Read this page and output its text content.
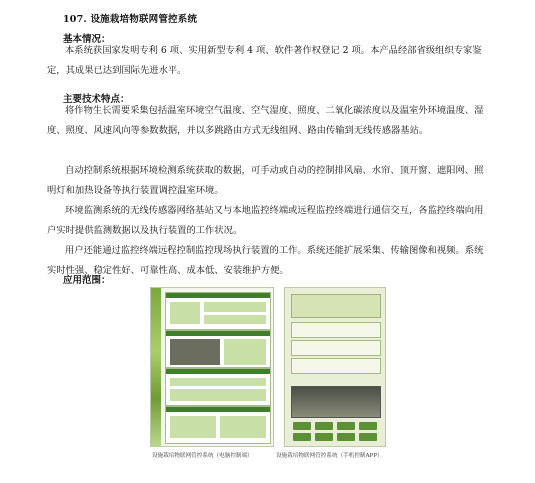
107. 设施栽培物联网管控系统
基本情况：

本系统获国家发明专利 6 项、实用新型专利 4 项、软件著作权登记 2 项。本产品经部省级组织专家鉴定，其成果已达到国际先进水平。

主要技术特点：

将作物生长需要采集包括温室环境空气温度、空气湿度、照度、二氧化碳浓度以及温室外环境温度、湿度、照度、风速风向等参数数据，并以多跳路由方式无线组网、路由传输到无线传感器基站。

自动控制系统根据环境检测系统获取的数据，可手动或自动的控制排风扇、水帘、顶开窗、遮阳网、照明灯和加热设备等执行装置调控温室环境。

环境监测系统的无线传感器网络基站又与本地监控终端或远程监控终端进行通信交互，各监控终端向用户实时提供监测数据以及执行装置的工作状况。

用户还能通过监控终端远程控制监控现场执行装置的工作。系统还能扩展采集、传输图像和视频。系统实时性强、稳定性好、可靠性高、成本低、安装维护方便。

应用范围：
设施栽培物联网管控系统（电脑控制端）	设施栽培物联网管控系统（手机控制APP）
